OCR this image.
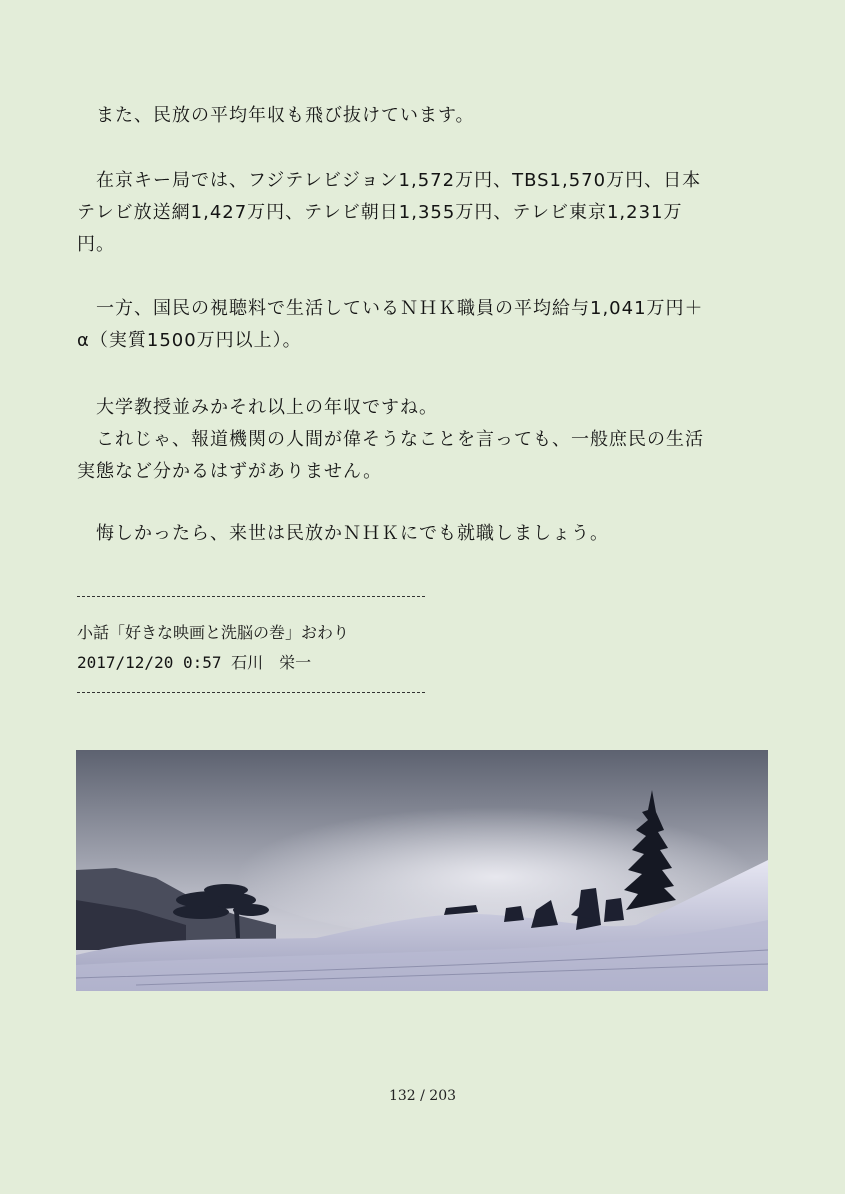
　また、民放の平均年収も飛び抜けています。
　在京キー局では、フジテレビジョン1,572万円、TBS1,570万円、日本
テレビ放送網1,427万円、テレビ朝日1,355万円、テレビ東京1,231万
円。
　一方、国民の視聴料で生活しているＮＨＫ職員の平均給与1,041万円＋
α（実質1500万円以上）。
　大学教授並みかそれ以上の年収ですね。
　これじゃ、報道機関の人間が偉そうなことを言っても、一般庶民の生活
実態など分かるはずがありません。
　悔しかったら、来世は民放かＮＨＫにでも就職しましょう。
小話「好きな映画と洗脳の巻」おわり
2017/12/20 0:57 石川　栄一
132 / 203
